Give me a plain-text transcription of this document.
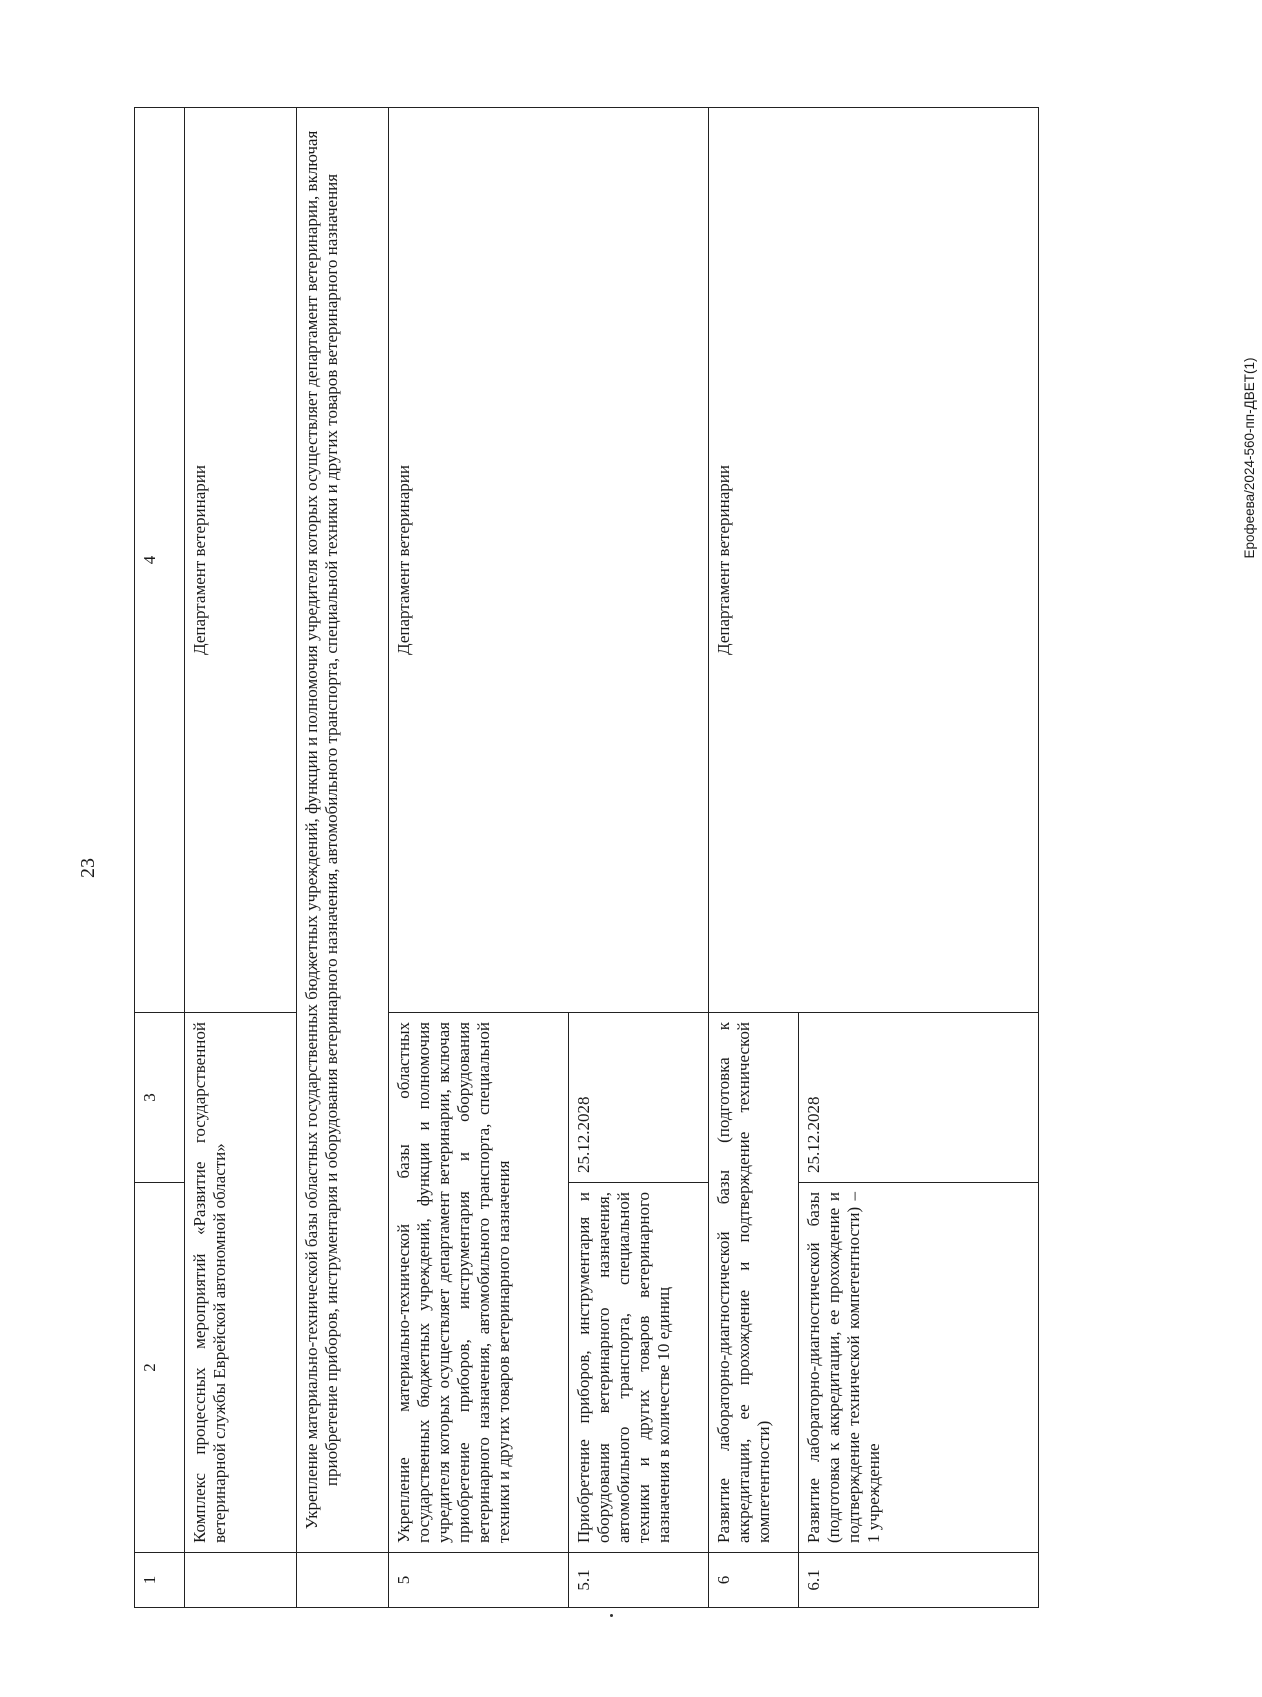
23
Ерофеева/2024-560-пп-ДВЕТ(1)
1	2	3	4
	Комплекс процессных мероприятий «Развитие государственной ветеринарной службы Еврейской автономной области»		Департамент ветеринарии
	Укрепление материально-технической базы областных государственных бюджетных учреждений, функции и полномочия учредителя которых осуществляет департамент ветеринарии, включая приобретение приборов, инструментария и оборудования ветеринарного назначения, автомобильного транспорта, специальной техники и других товаров ветеринарного назначения		
5	Укрепление материально-технической базы областных государственных бюджетных учреждений, функции и полномочия учредителя которых осуществляет департамент ветеринарии, включая приобретение приборов, инструментария и оборудования ветеринарного назначения, автомобильного транспорта, специальной техники и других товаров ветеринарного назначения		Департамент ветеринарии
5.1	Приобретение приборов, инструментария и оборудования ветеринарного назначения, автомобильного транспорта, специальной техники и других товаров ветеринарного назначения в количестве 10 единиц	25.12.2028	
6	Развитие лабораторно-диагностической базы (подготовка к аккредитации, ее прохождение и подтверждение технической компетентности)		Департамент ветеринарии
6.1	Развитие лабораторно-диагностической базы (подготовка к аккредитации, ее прохождение и подтверждение технической компетентности) – 1 учреждение	25.12.2028	
